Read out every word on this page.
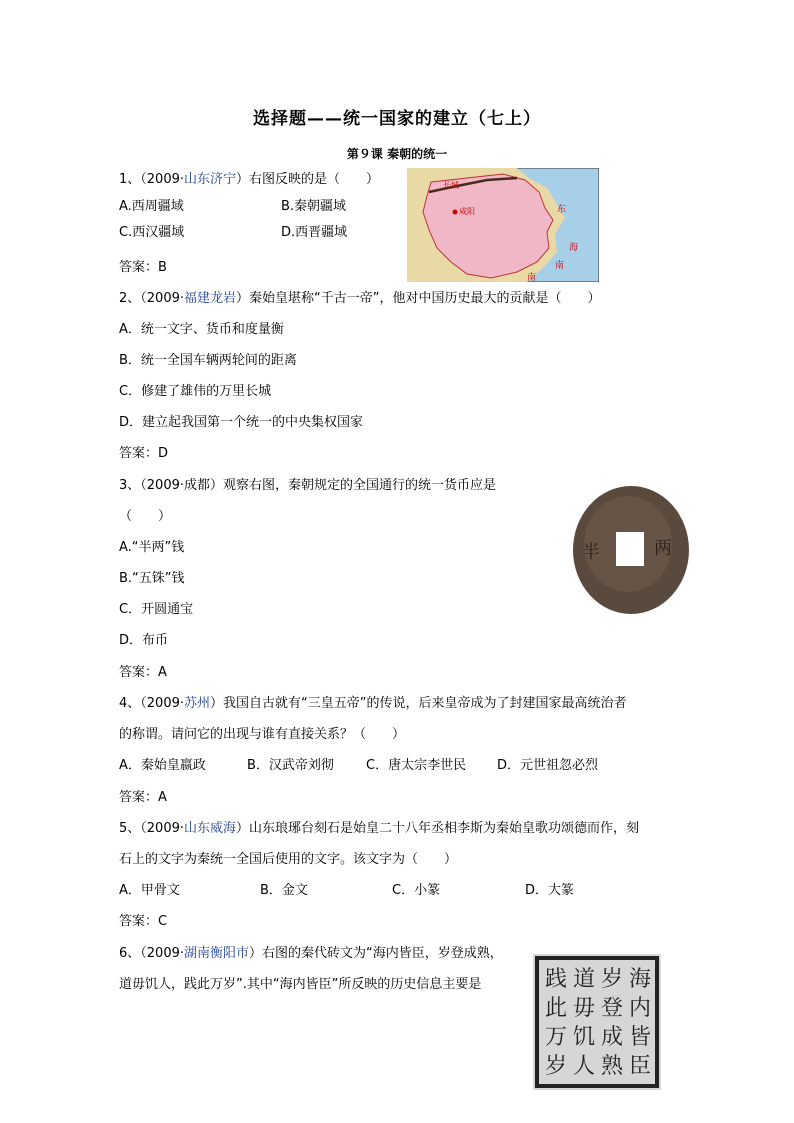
选择题——统一国家的建立（七上）
第９课 秦朝的统一
1、（2009·山东济宁）右图反映的是（　　）
A.西周疆域	B.秦朝疆域
C.西汉疆域	D.西晋疆域
答案：B
长城
咸阳	东
海
南
南
2、（2009·福建龙岩）秦始皇堪称“千古一帝”，他对中国历史最大的贡献是（　　）
A．统一文字、货币和度量衡
B．统一全国车辆两轮间的距离
C．修建了雄伟的万里长城
D．建立起我国第一个统一的中央集权国家
答案：D
3、（2009·成都）观察右图，秦朝规定的全国通行的统一货币应是
（　　）
A.“半两”钱
B.“五铢”钱
C．开圆通宝
D．布币
答案：A
半	两
4、（2009·苏州）我国自古就有“三皇五帝”的传说，后来皇帝成为了封建国家最高统治者
的称谓。请问它的出现与谁有直接关系？（　　）
A．秦始皇嬴政	B．汉武帝刘彻 C．唐太宗李世民 D．元世祖忽必烈
答案：A
5、（2009·山东威海）山东琅琊台刻石是始皇二十八年丞相李斯为秦始皇歌功颂德而作，刻
石上的文字为秦统一全国后使用的文字。该文字为（　　）
A．甲骨文	B．金文	C．小篆	D．大篆
答案：C
6、（2009·湖南衡阳市）右图的秦代砖文为“海内皆臣，岁登成熟，
道毋饥人，践此万岁”.其中“海内皆臣”所反映的历史信息主要是	海
内
皆
臣
岁
登
成
熟
道
毋
饥
人
践
此
万
岁
